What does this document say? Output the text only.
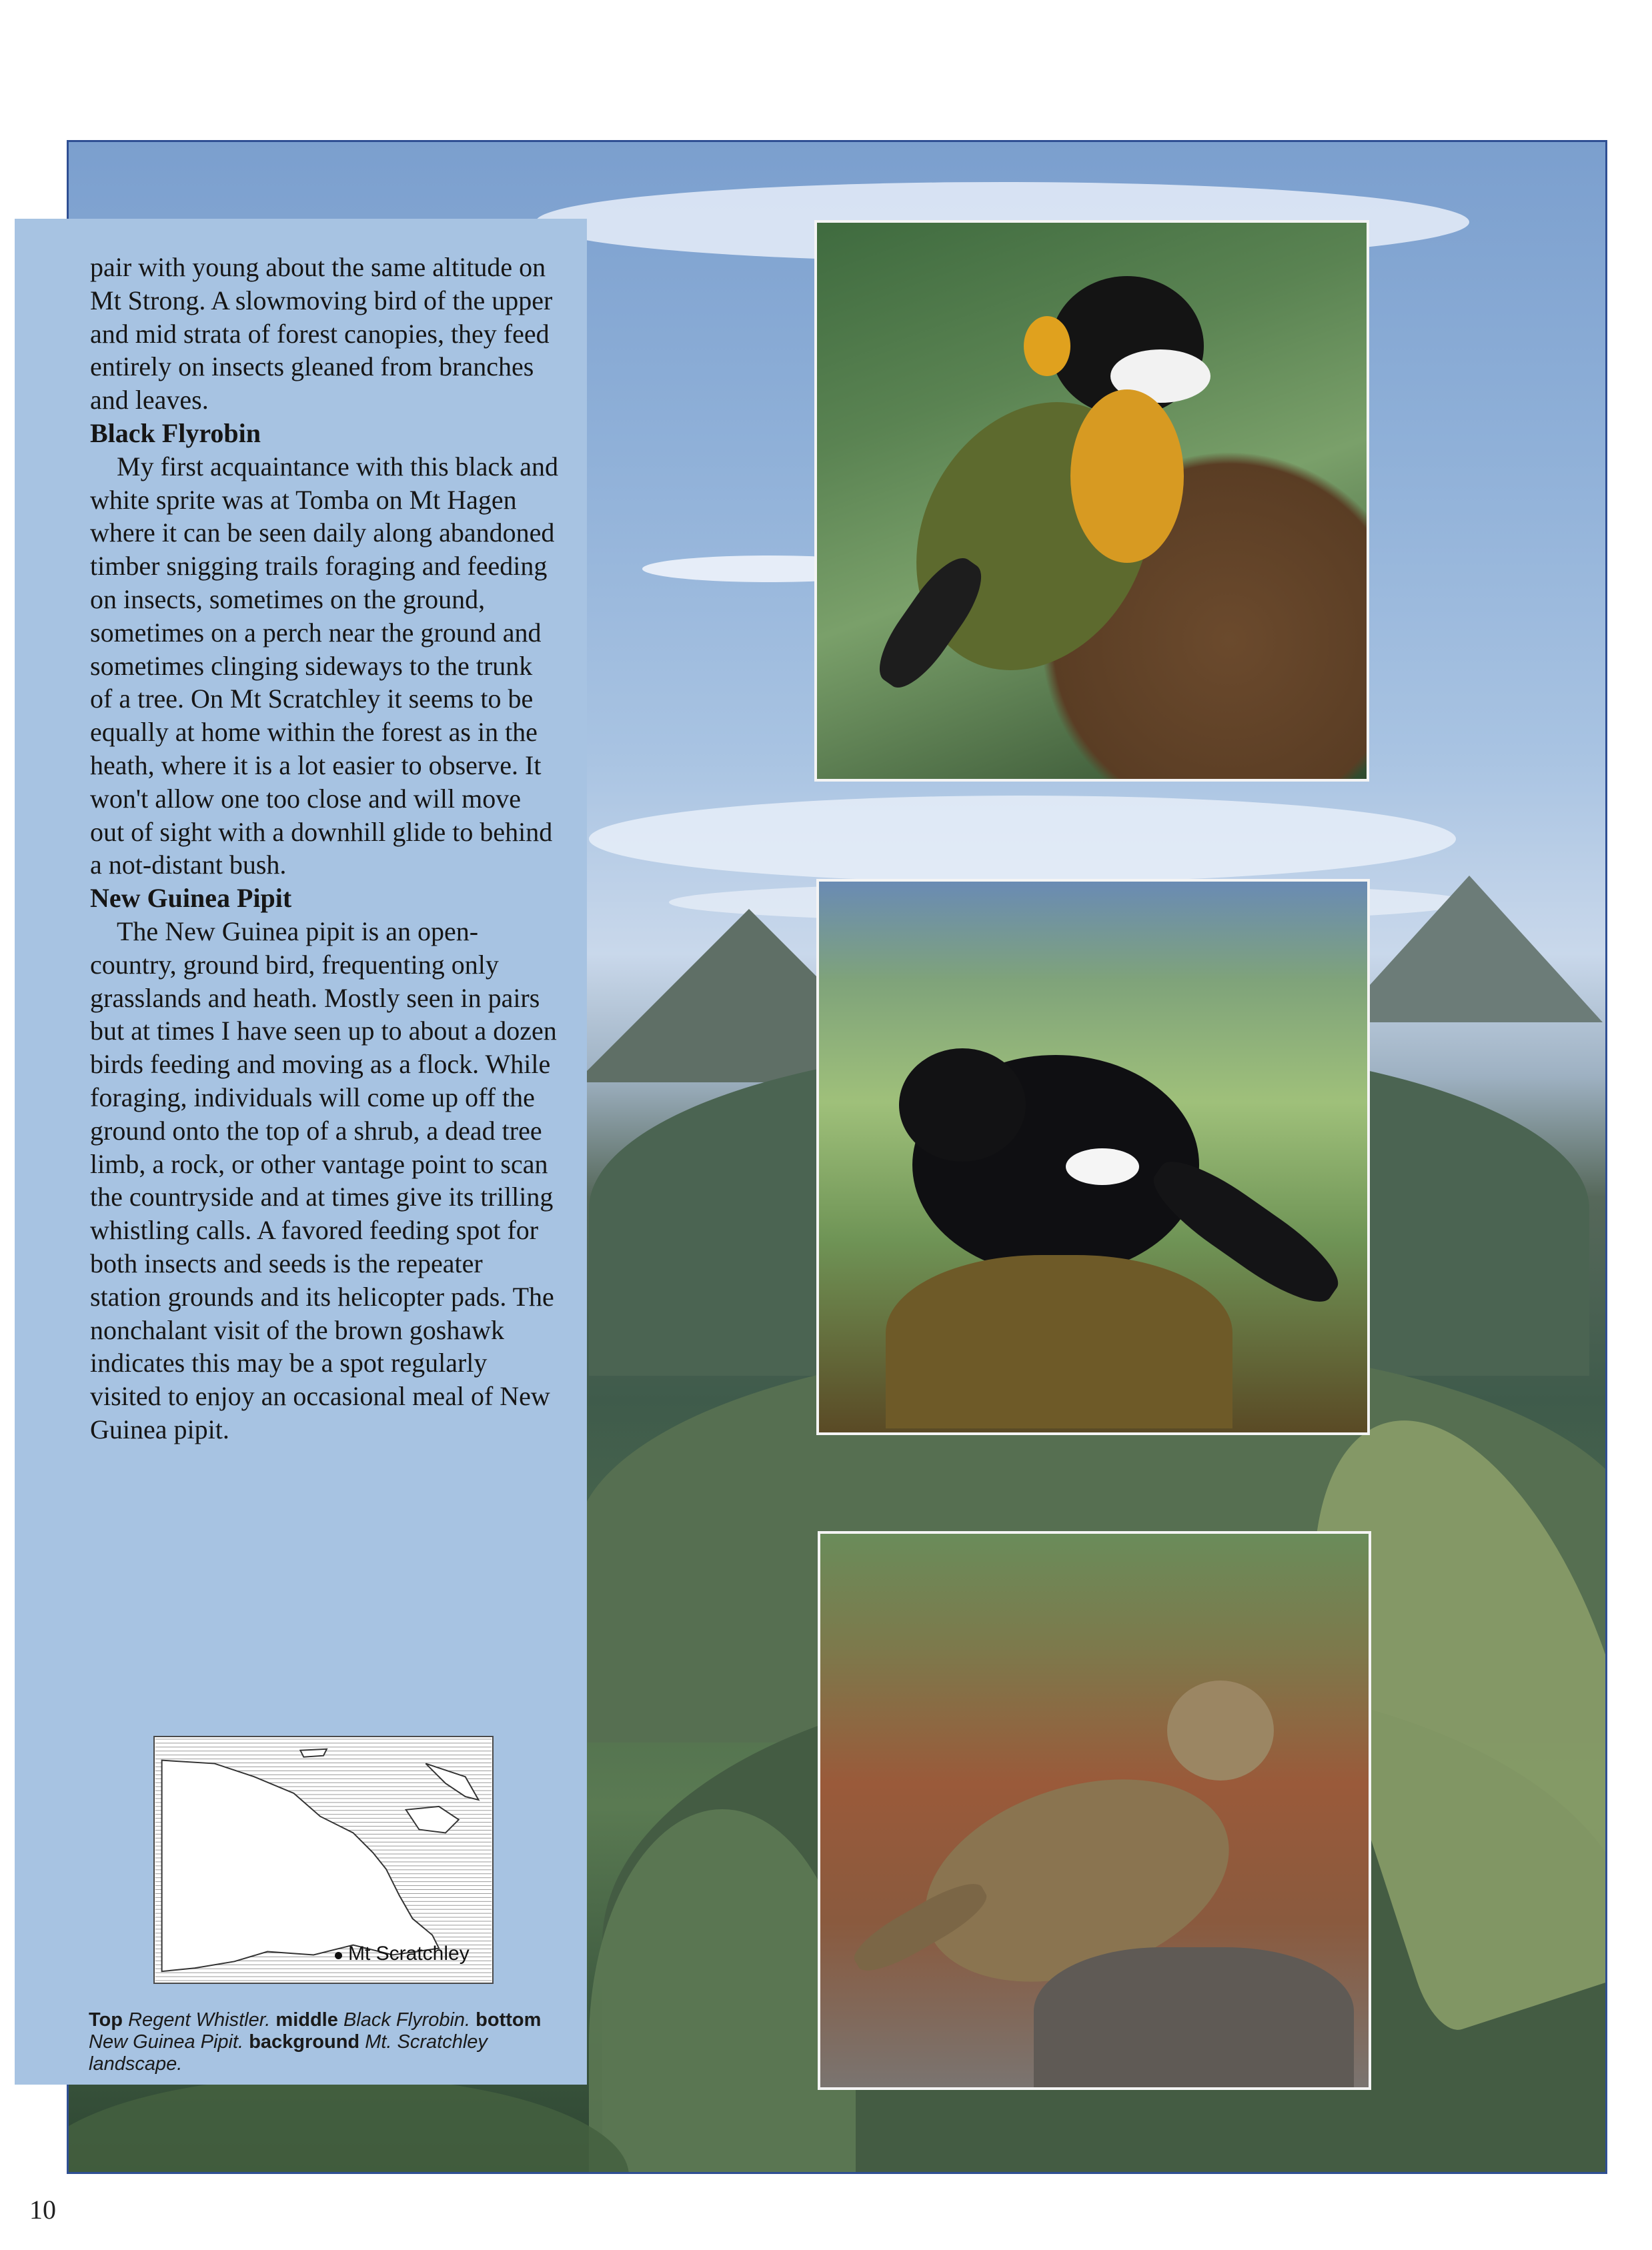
pair with young about the same altitude on Mt Strong. A slowmoving bird of the upper and mid strata of forest canopies, they feed entirely on insects gleaned from branches and leaves.

Black Flyrobin

My first acquaintance with this black and white sprite was at Tomba on Mt Hagen where it can be seen daily along abandoned timber snigging trails foraging and feeding on insects, sometimes on the ground, sometimes on a perch near the ground and sometimes clinging sideways to the trunk of a tree. On Mt Scratchley it seems to be equally at home within the forest as in the heath, where it is a lot easier to observe. It won't allow one too close and will move out of sight with a downhill glide to behind a not-distant bush.

New Guinea Pipit

The New Guinea pipit is an open-country, ground bird, frequenting only grasslands and heath. Mostly seen in pairs but at times I have seen up to about a dozen birds feeding and moving as a flock. While foraging, individuals will come up off the ground onto the top of a shrub, a dead tree limb, a rock, or other vantage point to scan the countryside and at times give its trilling whistling calls. A favored feeding spot for both insects and seeds is the repeater station grounds and its helicopter pads. The nonchalant visit of the brown goshawk indicates this may be a spot regularly visited to enjoy an occasional meal of New Guinea pipit.

Mt Scratchley
Top Regent Whistler. middle Black Flyrobin. bottom New Guinea Pipit. background Mt. Scratchley landscape.
10
